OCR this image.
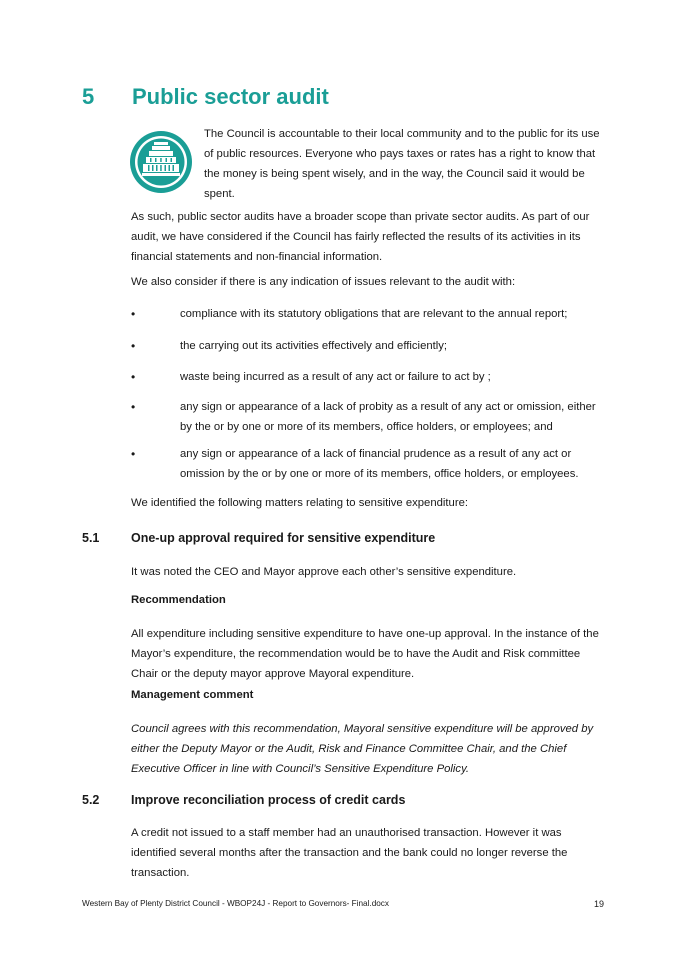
5 Public sector audit
The Council is accountable to their local community and to the public for its use of public resources. Everyone who pays taxes or rates has a right to know that the money is being spent wisely, and in the way, the Council said it would be spent.
As such, public sector audits have a broader scope than private sector audits. As part of our audit, we have considered if the Council has fairly reflected the results of its activities in its financial statements and non-financial information.
We also consider if there is any indication of issues relevant to the audit with:
•	compliance with its statutory obligations that are relevant to the annual report;
•	the carrying out its activities effectively and efficiently;
•	waste being incurred as a result of any act or failure to act by ;
•	any sign or appearance of a lack of probity as a result of any act or omission, either by the or by one or more of its members, office holders, or employees; and
•	any sign or appearance of a lack of financial prudence as a result of any act or omission by the or by one or more of its members, office holders, or employees.
We identified the following matters relating to sensitive expenditure:
5.1	One-up approval required for sensitive expenditure
It was noted the CEO and Mayor approve each other’s sensitive expenditure.
Recommendation
All expenditure including sensitive expenditure to have one-up approval. In the instance of the Mayor’s expenditure, the recommendation would be to have the Audit and Risk committee Chair or the deputy mayor approve Mayoral expenditure.
Management comment
Council agrees with this recommendation, Mayoral sensitive expenditure will be approved by either the Deputy Mayor or the Audit, Risk and Finance Committee Chair, and the Chief Executive Officer in line with Council’s Sensitive Expenditure Policy.
5.2	Improve reconciliation process of credit cards
A credit not issued to a staff member had an unauthorised transaction. However it was identified several months after the transaction and the bank could no longer reverse the transaction.
Western Bay of Plenty District Council - WBOP24J - Report to Governors- Final.docx	19
